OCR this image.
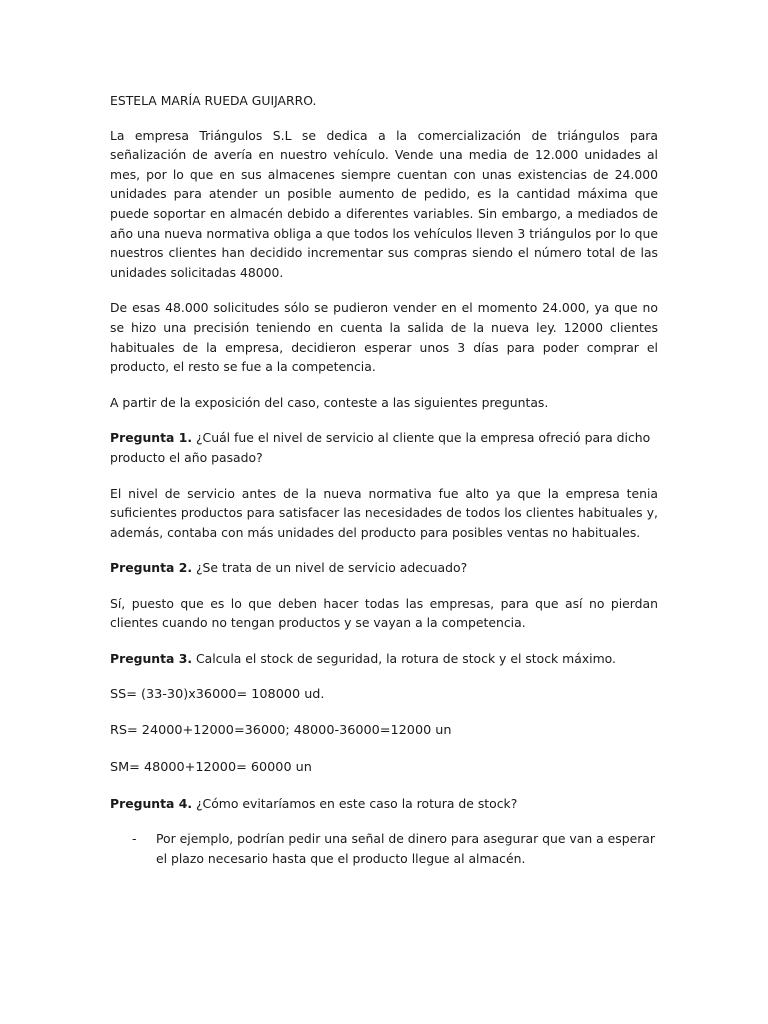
ESTELA MARÍA RUEDA GUIJARRO.

La empresa Triángulos S.L se dedica a la comercialización de triángulos para señalización de avería en nuestro vehículo. Vende una media de 12.000 unidades al mes, por lo que en sus almacenes siempre cuentan con unas existencias de 24.000 unidades para atender un posible aumento de pedido, es la cantidad máxima que puede soportar en almacén debido a diferentes variables. Sin embargo, a mediados de año una nueva normativa obliga a que todos los vehículos lleven 3 triángulos por lo que nuestros clientes han decidido incrementar sus compras siendo el número total de las unidades solicitadas 48000.

De esas 48.000 solicitudes sólo se pudieron vender en el momento 24.000, ya que no se hizo una precisión teniendo en cuenta la salida de la nueva ley. 12000 clientes habituales de la empresa, decidieron esperar unos 3 días para poder comprar el producto, el resto se fue a la competencia.

A partir de la exposición del caso, conteste a las siguientes preguntas.

Pregunta 1. ¿Cuál fue el nivel de servicio al cliente que la empresa ofreció para dicho producto el año pasado?

El nivel de servicio antes de la nueva normativa fue alto ya que la empresa tenia suficientes productos para satisfacer las necesidades de todos los clientes habituales y, además, contaba con más unidades del producto para posibles ventas no habituales.

Pregunta 2. ¿Se trata de un nivel de servicio adecuado?

Sí, puesto que es lo que deben hacer todas las empresas, para que así no pierdan clientes cuando no tengan productos y se vayan a la competencia.

Pregunta 3. Calcula el stock de seguridad, la rotura de stock y el stock máximo.

SS= (33-30)x36000= 108000 ud.

RS= 24000+12000=36000; 48000-36000=12000 un

SM= 48000+12000= 60000 un

Pregunta 4. ¿Cómo evitaríamos en este caso la rotura de stock?

-	Por ejemplo, podrían pedir una señal de dinero para asegurar que van a esperar el plazo necesario hasta que el producto llegue al almacén.
